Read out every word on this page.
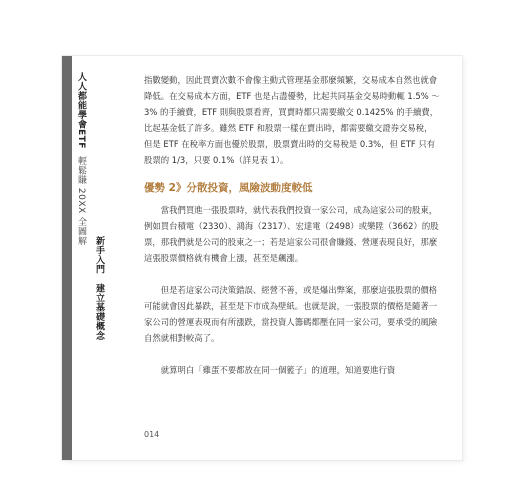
人人都能學會ETF 輕鬆賺 20XX 全圖解
新手入門　建立基礎概念

指數變動，因此買賣次數不會像主動式管理基金那麼頻繁，交易成本自然也就會降低。在交易成本方面，ETF 也是占盡優勢，比起共同基金交易時動輒 1.5% ～ 3% 的手續費，ETF 則與股票看齊，買賣時都只需要繳交 0.1425% 的手續費，比起基金低了許多。雖然 ETF 和股票一樣在賣出時，都需要繳交證券交易稅，但是 ETF 在稅率方面也優於股票，股票賣出時的交易稅是 0.3%，但 ETF 只有股票的 1/3，只要 0.1%（詳見表 1）。

優勢 2》分散投資，風險波動度較低

當我們買進一張股票時，就代表我們投資一家公司，成為這家公司的股東，例如買台積電（2330）、鴻海（2317）、宏達電（2498）或樂陞（3662）的股票，那我們就是公司的股東之一；若是這家公司很會賺錢、營運表現良好，那麼這張股票價格就有機會上漲，甚至是飆漲。

但是若這家公司決策錯誤、經營不善，或是爆出弊案，那麼這張股票的價格可能就會因此暴跌，甚至是下市成為壁紙。也就是說，一張股票的價格是隨著一家公司的營運表現而有所漲跌，當投資人籌碼都壓在同一家公司，要承受的風險自然就相對較高了。

就算明白「雞蛋不要都放在同一個籃子」的道理，知道要進行資

014
